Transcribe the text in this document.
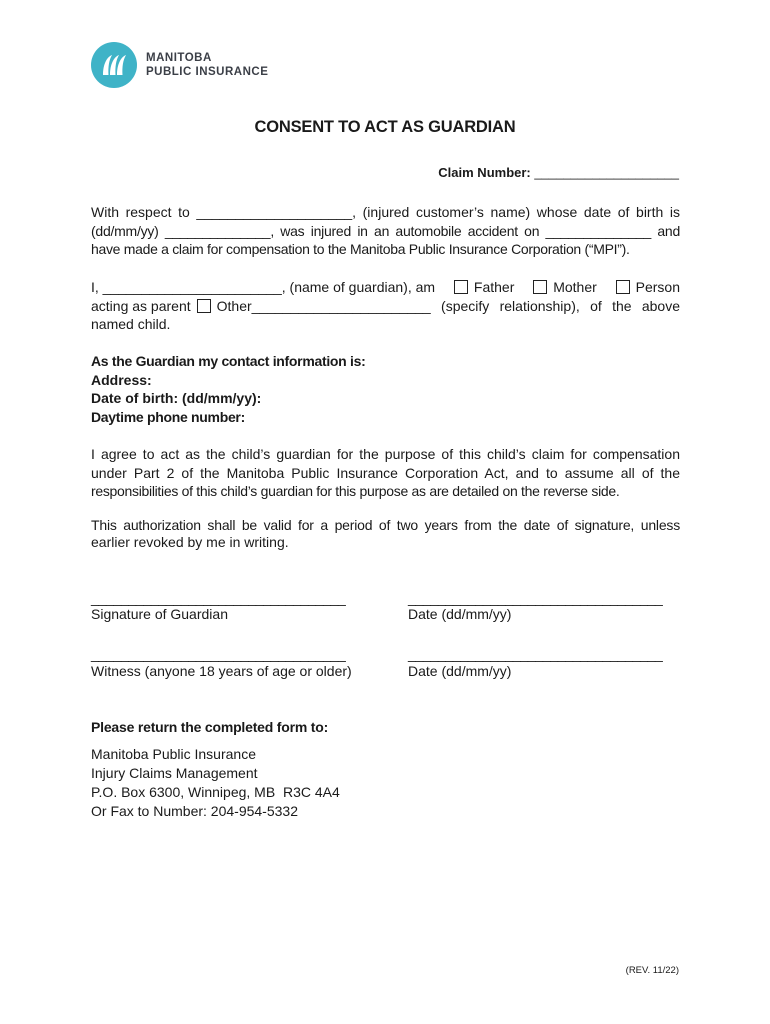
MANITOBA
PUBLIC INSURANCE
CONSENT TO ACT AS GUARDIAN
Claim Number: ____________________
With respect to ____________________, (injured customer’s name) whose date of birth is
(dd/mm/yy) ______________, was injured in an automobile accident on ______________ and
have made a claim for compensation to the Manitoba Public Insurance Corporation (“MPI”).
I, _______________________, (name of guardian), am	Father	Mother	Person
acting as parent Other_______________________ (specify relationship), of the above
named child.
As the Guardian my contact information is:
Address:
Date of birth: (dd/mm/yy):
Daytime phone number:
I agree to act as the child’s guardian for the purpose of this child’s claim for compensation
under Part 2 of the Manitoba Public Insurance Corporation Act, and to assume all of the
responsibilities of this child’s guardian for this purpose as are detailed on the reverse side.
This authorization shall be valid for a period of two years from the date of signature, unless
earlier revoked by me in writing.
__________________________________	__________________________________
Signature of Guardian	Date (dd/mm/yy)
__________________________________	__________________________________
Witness (anyone 18 years of age or older)	Date (dd/mm/yy)
Please return the completed form to:
Manitoba Public Insurance
Injury Claims Management
P.O. Box 6300, Winnipeg, MB  R3C 4A4
Or Fax to Number: 204-954-5332
(REV. 11/22)
